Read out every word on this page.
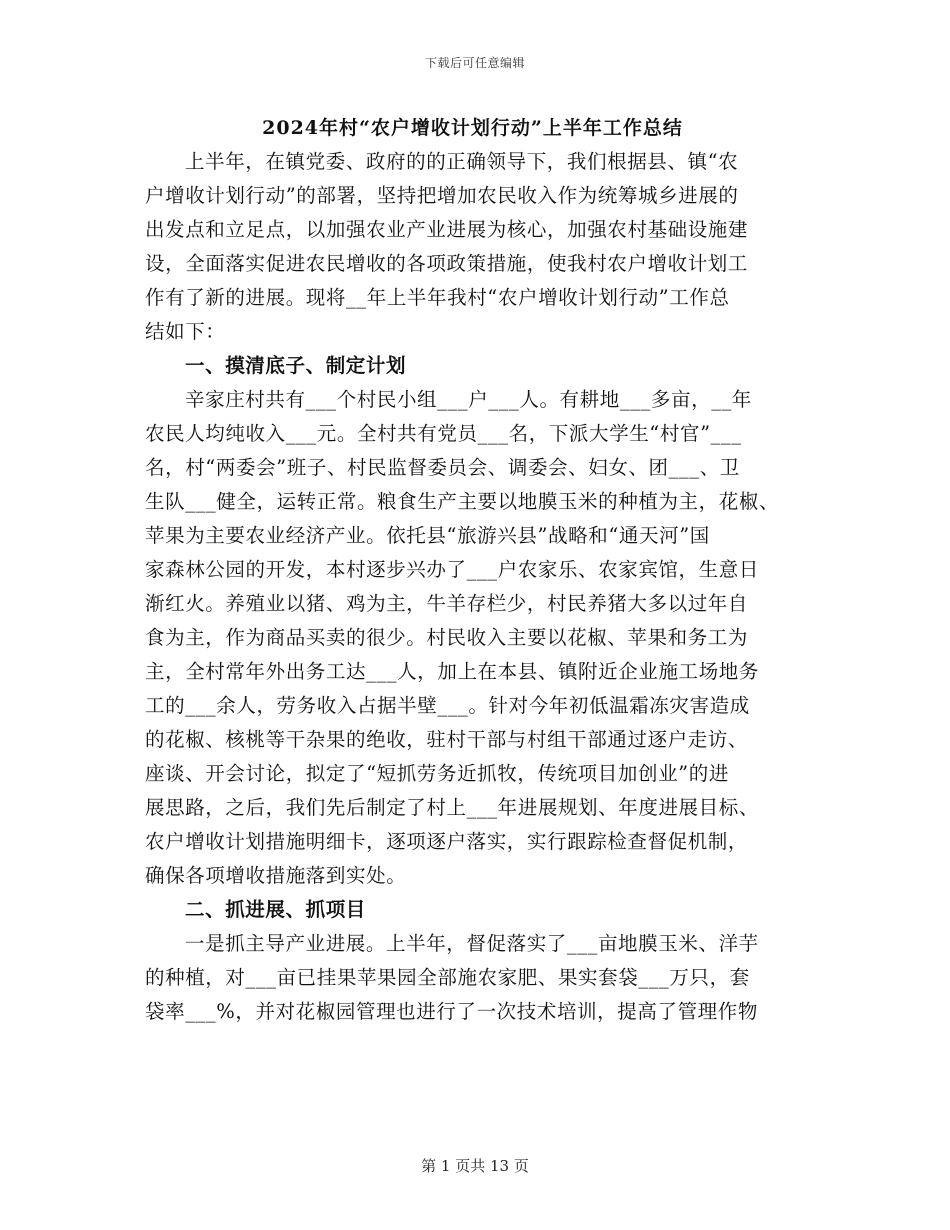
下载后可任意编辑
2024年村“农户增收计划行动”上半年工作总结

上半年，在镇党委、政府的的正确领导下，我们根据县、镇“农
户增收计划行动”的部署，坚持把增加农民收入作为统筹城乡进展的
出发点和立足点，以加强农业产业进展为核心，加强农村基础设施建
设，全面落实促进农民增收的各项政策措施，使我村农户增收计划工
作有了新的进展。现将__年上半年我村“农户增收计划行动”工作总
结如下：

一、摸清底子、制定计划

辛家庄村共有___个村民小组___户___人。有耕地___多亩，__年
农民人均纯收入___元。全村共有党员___名，下派大学生“村官”___
名，村“两委会”班子、村民监督委员会、调委会、妇女、团___、卫
生队___健全，运转正常。粮食生产主要以地膜玉米的种植为主，花椒、
苹果为主要农业经济产业。依托县“旅游兴县”战略和“通天河”国
家森林公园的开发，本村逐步兴办了___户农家乐、农家宾馆，生意日
渐红火。养殖业以猪、鸡为主，牛羊存栏少，村民养猪大多以过年自
食为主，作为商品买卖的很少。村民收入主要以花椒、苹果和务工为
主，全村常年外出务工达___人，加上在本县、镇附近企业施工场地务
工的___余人，劳务收入占据半壁___。针对今年初低温霜冻灾害造成
的花椒、核桃等干杂果的绝收，驻村干部与村组干部通过逐户走访、
座谈、开会讨论，拟定了“短抓劳务近抓牧，传统项目加创业”的进
展思路，之后，我们先后制定了村上___年进展规划、年度进展目标、
农户增收计划措施明细卡，逐项逐户落实，实行跟踪检查督促机制，
确保各项增收措施落到实处。

二、抓进展、抓项目

一是抓主导产业进展。上半年，督促落实了___亩地膜玉米、洋芋
的种植，对___亩已挂果苹果园全部施农家肥、果实套袋___万只，套
袋率___%，并对花椒园管理也进行了一次技术培训，提高了管理作物

第 1 页共 13 页
